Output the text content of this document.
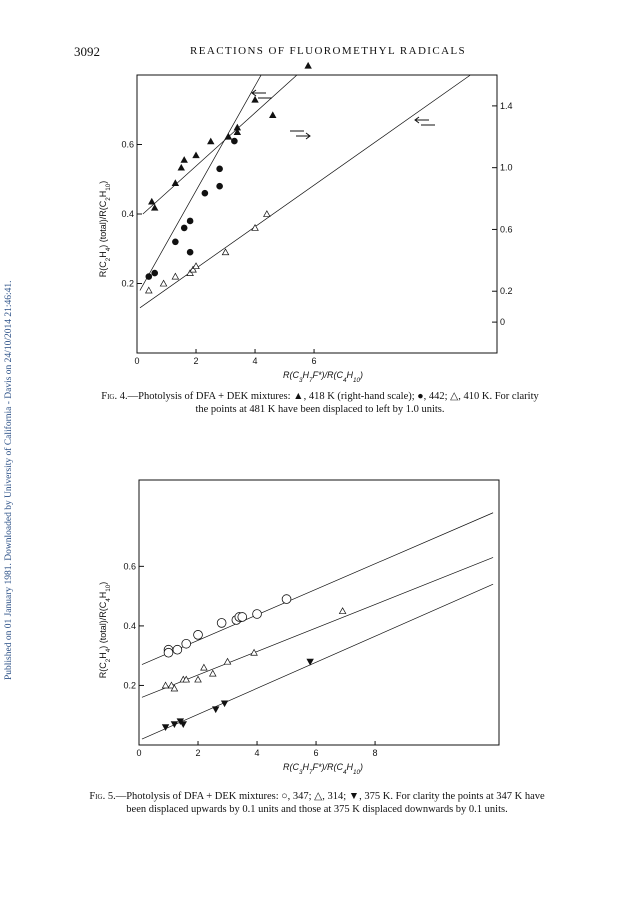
3092	REACTIONS OF FLUOROMETHYL RADICALS
Published on 01 January 1981. Downloaded by University of California - Davis on 24/10/2014 21:46:41.	0	2	4	6
0.2
0.4
0.6
0
0.2
0.6
1.0
1.4
$R(C_3H_7F*)/R(C_4H_{10})$
$R(C_2H_4)$ $(total)/R(C_2H_{10})$
0	2	4	6	8
0.2
0.4
0.6
$R(C_3H_7F*)/R(C_4H_{10})$
$R(C_2H_4)$ $(total)/R(C_4H_{10})$
Fig. 4.—Photolysis of DFA + DEK mixtures: ▲, 418 K (right-hand scale); ●, 442; △, 410 K. For clarity the points at 481 K have been displaced to left by 1.0 units.
Fig. 5.—Photolysis of DFA + DEK mixtures: ○, 347; △, 314; ▼, 375 K. For clarity the points at 347 K have been displaced upwards by 0.1 units and those at 375 K displaced downwards by 0.1 units.
